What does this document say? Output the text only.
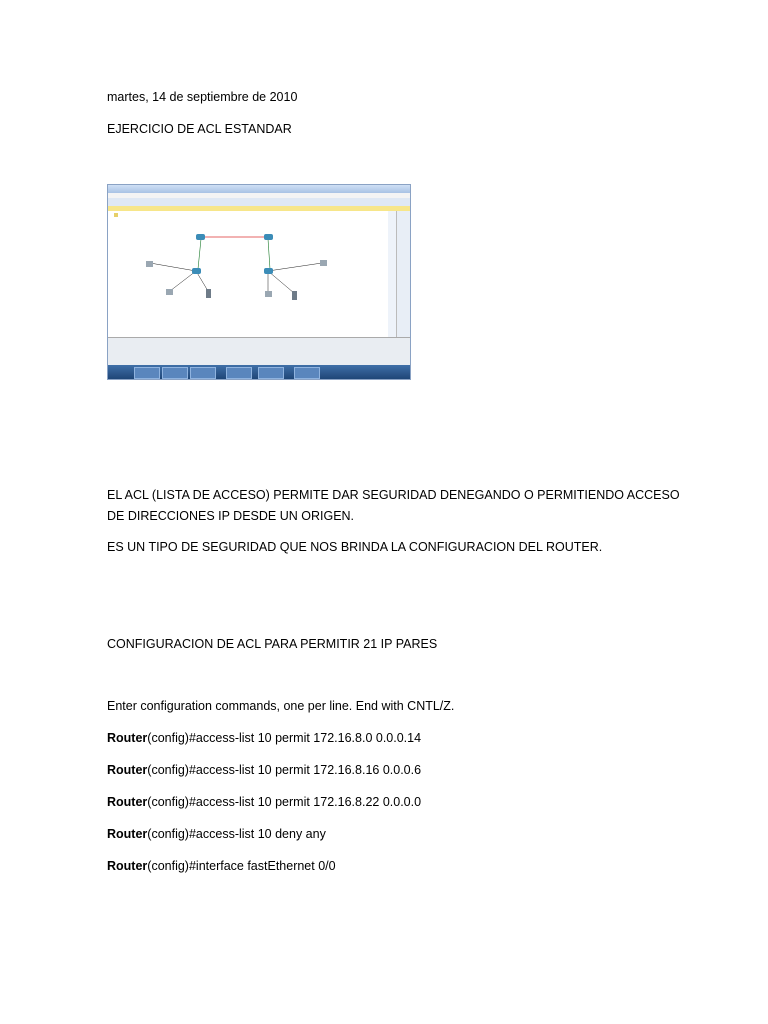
martes, 14 de septiembre de 2010
EJERCICIO DE ACL ESTANDAR
EL ACL (LISTA DE ACCESO) PERMITE DAR SEGURIDAD DENEGANDO O PERMITIENDO ACCESO
DE DIRECCIONES IP DESDE UN ORIGEN.
ES UN TIPO DE SEGURIDAD QUE NOS BRINDA LA CONFIGURACION DEL ROUTER.
CONFIGURACION DE ACL PARA PERMITIR 21 IP PARES
Enter configuration commands, one per line. End with CNTL/Z.
Router(config)#access-list 10 permit 172.16.8.0 0.0.0.14
Router(config)#access-list 10 permit 172.16.8.16 0.0.0.6
Router(config)#access-list 10 permit 172.16.8.22 0.0.0.0
Router(config)#access-list 10 deny any
Router(config)#interface fastEthernet 0/0
